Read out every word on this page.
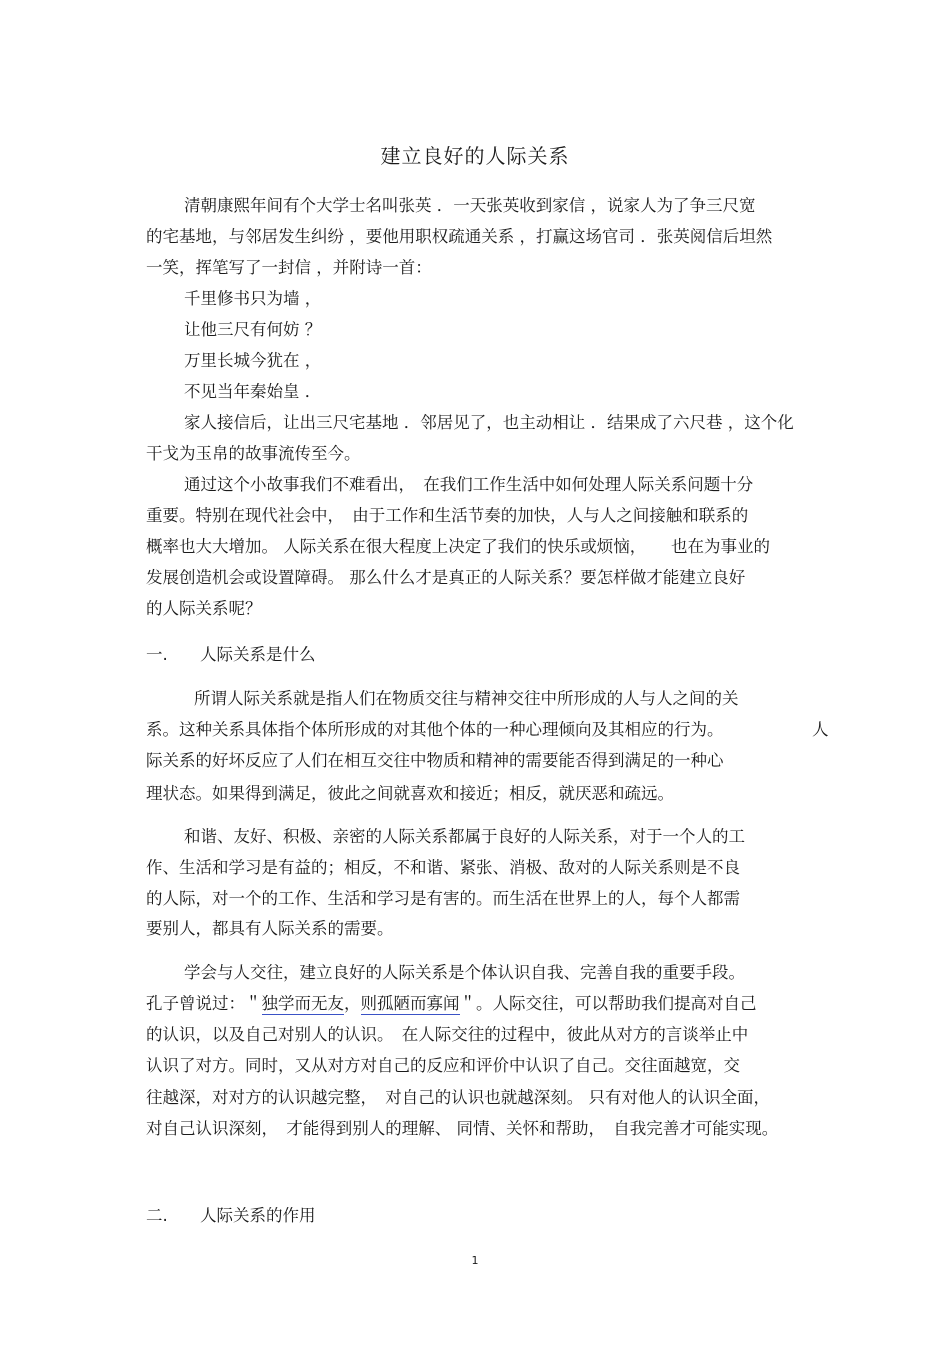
建立良好的人际关系
清朝康熙年间有个大学士名叫张英 ．一天张英收到家信 ，说家人为了争三尺宽
的宅基地，与邻居发生纠纷 ，要他用职权疏通关系 ，打赢这场官司 ．张英阅信后坦然
一笑，挥笔写了一封信 ，并附诗一首：
千里修书只为墙 ，
让他三尺有何妨 ？
万里长城今犹在 ，
不见当年秦始皇 ．
家人接信后，让出三尺宅基地 ．邻居见了，也主动相让 ．结果成了六尺巷 ，这个化
干戈为玉帛的故事流传至今。
通过这个小故事我们不难看出，　在我们工作生活中如何处理人际关系问题十分
重要。特别在现代社会中，　由于工作和生活节奏的加快，人与人之间接触和联系的
概率也大大增加。 人际关系在很大程度上决定了我们的快乐或烦恼，　　也在为事业的
发展创造机会或设置障碍。 那么什么才是真正的人际关系？要怎样做才能建立良好
的人际关系呢？
一. 人际关系是什么
所谓人际关系就是指人们在物质交往与精神交往中所形成的人与人之间的关
系。这种关系具体指个体所形成的对其他个体的一种心理倾向及其相应的行为。	人
际关系的好坏反应了人们在相互交往中物质和精神的需要能否得到满足的一种心
理状态。如果得到满足，彼此之间就喜欢和接近；相反，就厌恶和疏远。
和谐、友好、积极、亲密的人际关系都属于良好的人际关系，对于一个人的工
作、生活和学习是有益的；相反，不和谐、紧张、消极、敌对的人际关系则是不良
的人际，对一个的工作、生活和学习是有害的。而生活在世界上的人，每个人都需
要别人，都具有人际关系的需要。
学会与人交往，建立良好的人际关系是个体认识自我、完善自我的重要手段。
孔子曾说过：＂独学而无友，则孤陋而寡闻＂。人际交往，可以帮助我们提高对自己
的认识，以及自己对别人的认识。　在人际交往的过程中，彼此从对方的言谈举止中
认识了对方。同时，又从对方对自己的反应和评价中认识了自己。交往面越宽，交
往越深，对对方的认识越完整，　对自己的认识也就越深刻。 只有对他人的认识全面，
对自己认识深刻，　才能得到别人的理解、 同情、关怀和帮助，　自我完善才可能实现。
二. 人际关系的作用
1
